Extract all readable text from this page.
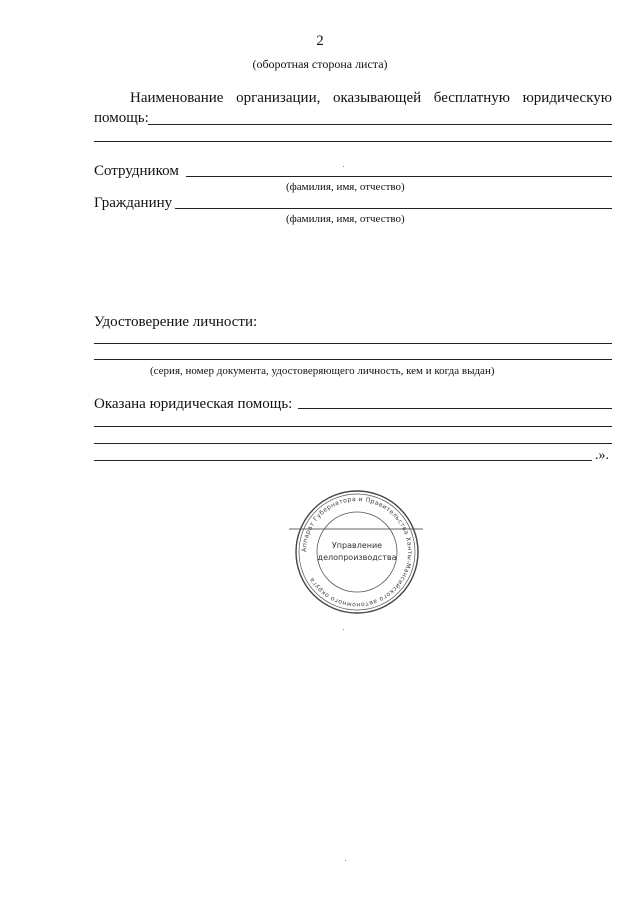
2
(оборотная сторона листа)
Наименование организации, оказывающей бесплатную юридическую
помощь:
Сотрудником
(фамилия, имя, отчество)
Гражданину
(фамилия, имя, отчество)
Удостоверение личности:
(серия, номер документа, удостоверяющего личность, кем и когда выдан)
Оказана юридическая помощь:
.».
Аппарат Губернатора и Правительства Ханты-Мансийского автономного округа
Управление
делопроизводства
